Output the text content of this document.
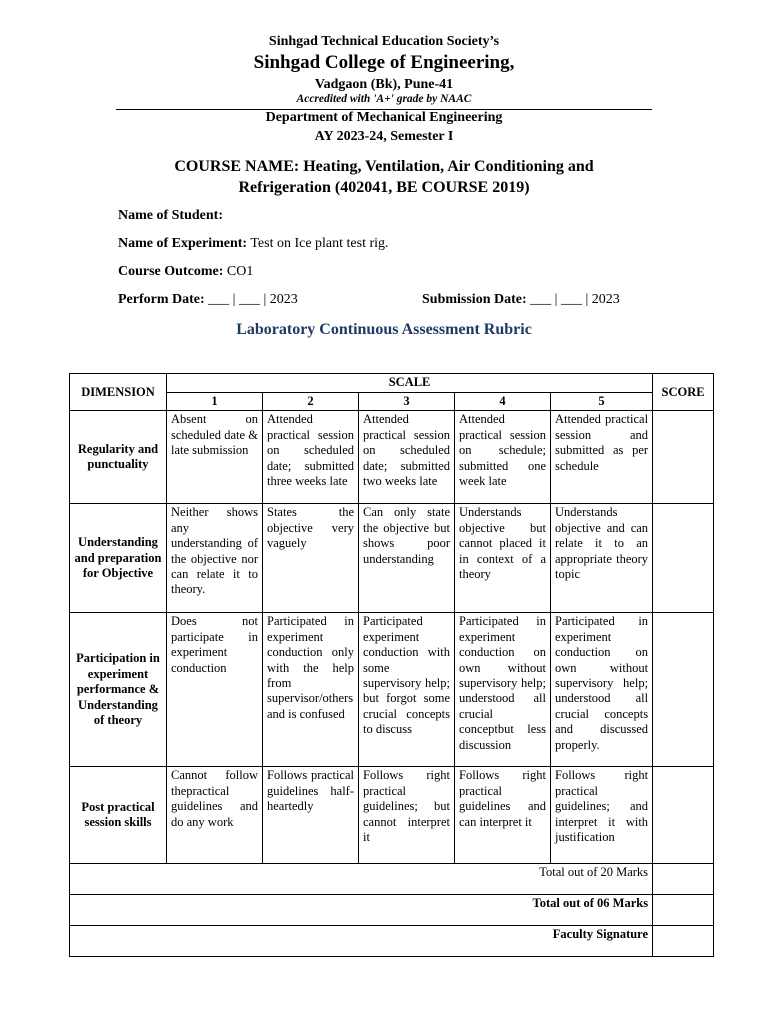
Sinhgad Technical Education Society’s
Sinhgad College of Engineering,
Vadgaon (Bk), Pune-41
Accredited with 'A+' grade by NAAC
Department of Mechanical Engineering
AY 2023-24, Semester I
COURSE NAME: Heating, Ventilation, Air Conditioning and
Refrigeration (402041, BE COURSE 2019)
Name of Student:
Name of Experiment: Test on Ice plant test rig.
Course Outcome: CO1
Perform Date: ___ | ___ | 2023	Submission Date: ___ | ___ | 2023
Laboratory Continuous Assessment Rubric
DIMENSION	SCALE					SCORE
	1	2	3	4	5	
Regularity and punctuality	Absent on scheduled date & late submission	Attended practical session on scheduled date; submitted three weeks late	Attended practical session on scheduled date; submitted two weeks late	Attended practical session on schedule; submitted one week late	Attended practical session and submitted as per schedule	
Understanding and preparation for Objective	Neither shows any understanding of the objective nor can relate it to theory.	States the objective very vaguely	Can only state the objective but shows poor understanding	Understands objective but cannot placed it in context of a theory	Understands objective and can relate it to an appropriate theory topic	
Participation in experiment performance & Understanding of theory	Does not participate in experiment conduction	Participated in experiment conduction only with the help from supervisor/others and is confused	Participated experiment conduction with some supervisory help; but forgot some crucial concepts to discuss	Participated in experiment conduction on own without supervisory help; understood all crucial conceptbut less discussion	Participated in experiment conduction on own without supervisory help; understood all crucial concepts and discussed properly.	
Post practical session skills	Cannot follow thepractical guidelines and do any work	Follows practical guidelines half-heartedly	Follows right practical guidelines; but cannot interpret it	Follows right practical guidelines and can interpret it	Follows right practical guidelines; and interpret it with justification	
Total out of 20 Marks						
Total out of 06 Marks						
Faculty Signature						
